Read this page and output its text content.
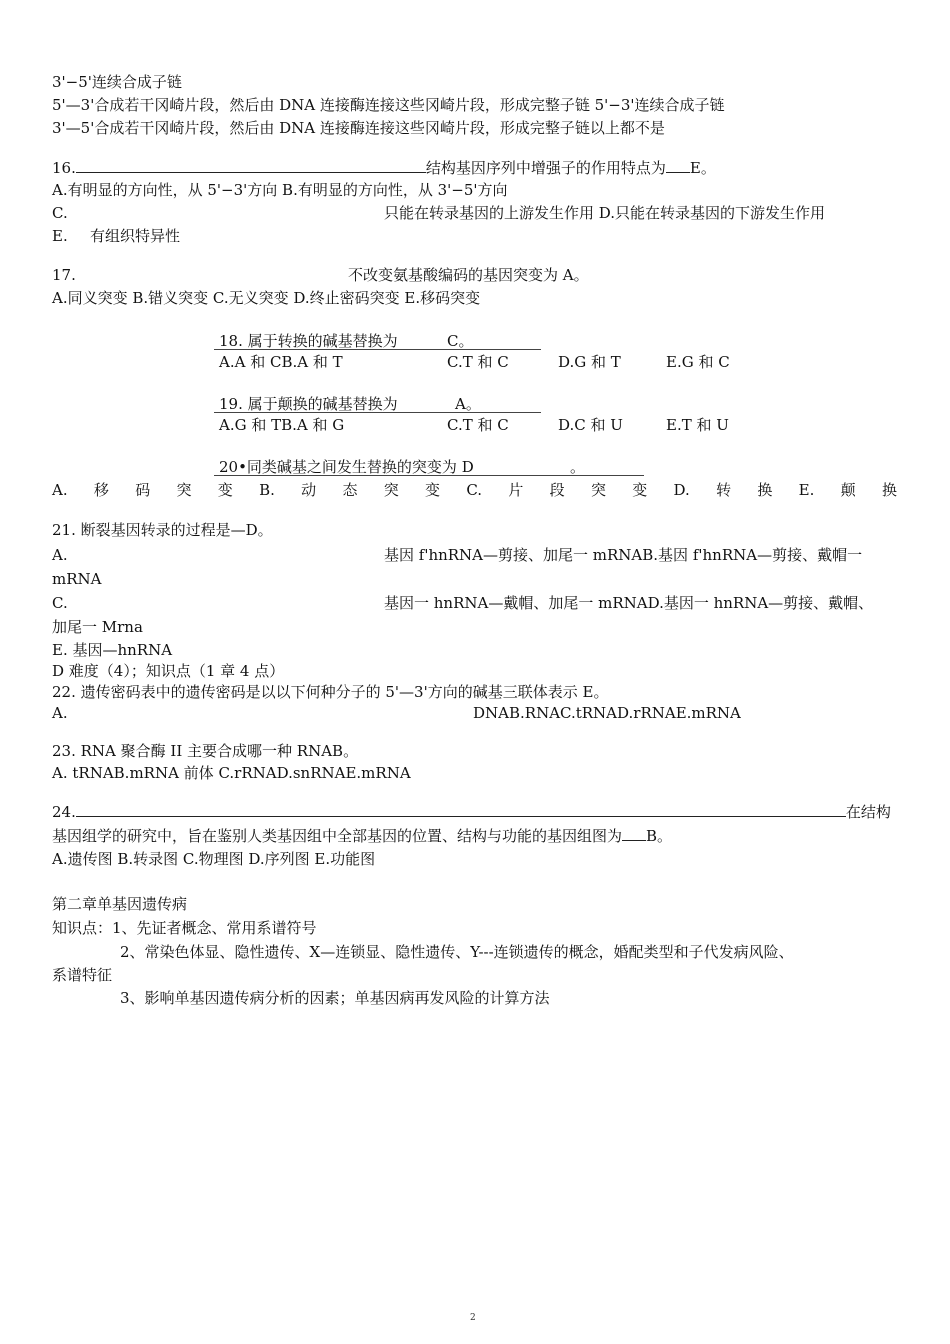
3'−5'连续合成子链
5'—3'合成若干冈崎片段，然后由 DNA 连接酶连接这些冈崎片段，形成完整子链 5'−3'连续合成子链
3'—5'合成若干冈崎片段，然后由 DNA 连接酶连接这些冈崎片段，形成完整子链以上都不是
16.	结构基因序列中增强子的作用特点为 E。
A.有明显的方向性，从 5'−3'方向 B.有明显的方向性，从 3'−5'方向
C.	只能在转录基因的上游发生作用 D.只能在转录基因的下游发生作用
E. 有组织特异性
17.	不改变氨基酸编码的基因突变为 A。
A.同义突变 B.错义突变 C.无义突变 D.终止密码突变 E.移码突变
18. 属于转换的碱基替换为	C。
A.A 和 CB.A 和 T	C.T 和 C	D.G 和 T	E.G 和 C
19. 属于颠换的碱基替换为	A。
A.G 和 TB.A 和 G	C.T 和 C	D.C 和 U	E.T 和 U
20•同类碱基之间发生替换的突变为 D	。
A. 移 码 突 变 B. 动 态 突 变 C. 片 段 突 变 D. 转 换 E. 颠 换
21. 断裂基因转录的过程是—D。
A.	基因 f'hnRNA—剪接、加尾一 mRNAB.基因 f'hnRNA—剪接、戴帽一
mRNA
C.	基因一 hnRNA—戴帽、加尾一 mRNAD.基因一 hnRNA—剪接、戴帽、
加尾一 Mrna
E. 基因—hnRNA
D 难度（4）；知识点（1 章 4 点）
22. 遗传密码表中的遗传密码是以以下何种分子的 5'—3'方向的碱基三联体表示 E。
A.	DNAB.RNAC.tRNAD.rRNAE.mRNA
23. RNA 聚合酶 II 主要合成哪一种 RNAB。
A. tRNAB.mRNA 前体 C.rRNAD.snRNAE.mRNA
24.	在结构
基因组学的研究中，旨在鉴别人类基因组中全部基因的位置、结构与功能的基因组图为 B。
A.遗传图 B.转录图 C.物理图 D.序列图 E.功能图
第二章单基因遗传病
知识点：1、先证者概念、常用系谱符号
2、常染色体显、隐性遗传、X—连锁显、隐性遗传、Y---连锁遗传的概念，婚配类型和子代发病风险、
系谱特征
3、影响单基因遗传病分析的因素；单基因病再发风险的计算方法
2
